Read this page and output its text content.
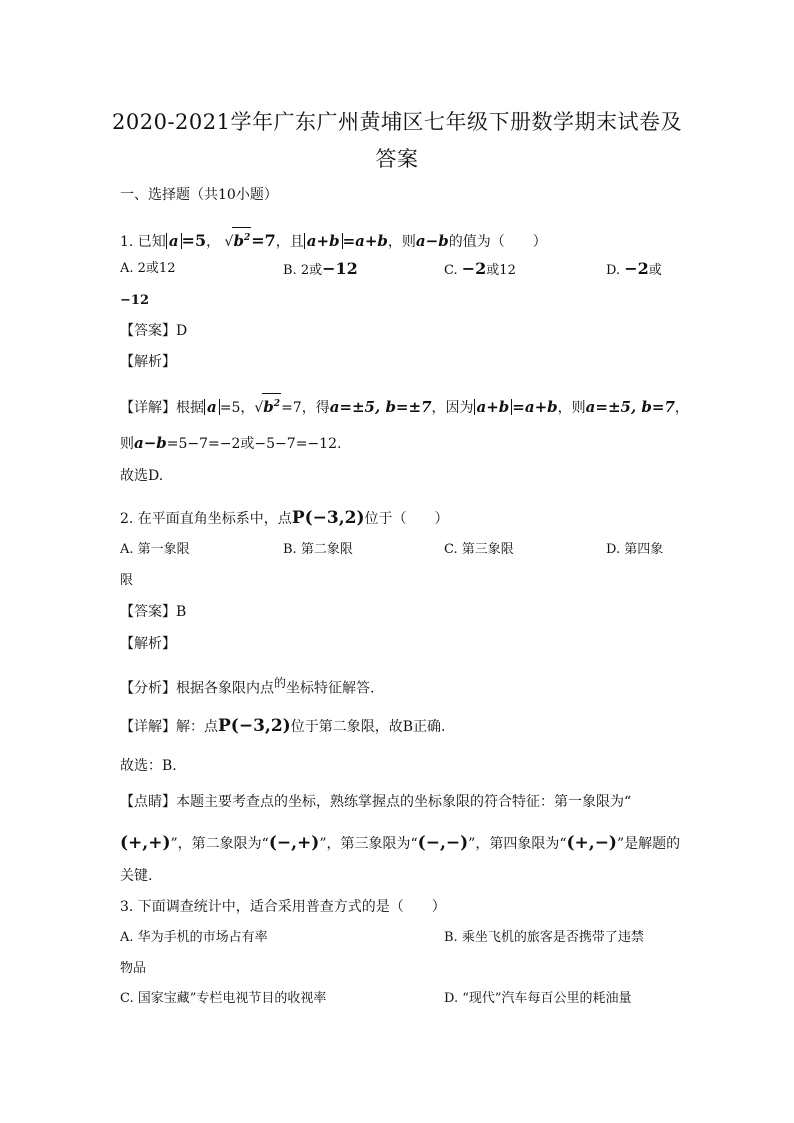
2020-2021学年广东广州黄埔区七年级下册数学期末试卷及
答案
一、选择题（共10小题）
1. 已知 a =5， $√b^2=7$，且 a+b =a+b，则a−b的值为（　　）
A. 2或12	B. 2或−12	C. −2或12	D. −2或
−12
【答案】D
【解析】
【详解】根据 a =5，$√b^2=7$，得a=±5, b=±7，因为 a+b =a+b，则a=±5, b=7，
则a−b=5−7=−2或−5−7=−12.
故选D.
2. 在平面直角坐标系中，点P(−3,2)位于（　　）
A. 第一象限	B. 第二象限	C. 第三象限	D. 第四象
限
【答案】B
【解析】
【分析】根据各象限内点$^的$坐标特征解答.
【详解】解：点P(−3,2)位于第二象限，故B正确.
故选：B.
【点睛】本题主要考查点的坐标，熟练掌握点的坐标象限的符合特征：第一象限为“
(+,+)”，第二象限为“(−,+)”，第三象限为“(−,−)”，第四象限为“(+,−)”是解题的
关键.
3. 下面调查统计中，适合采用普查方式的是（　　）
A. 华为手机的市场占有率	B. 乘坐飞机的旅客是否携带了违禁
物品
C. 国家宝藏”专栏电视节目的收视率	D. “现代”汽车每百公里的耗油量
